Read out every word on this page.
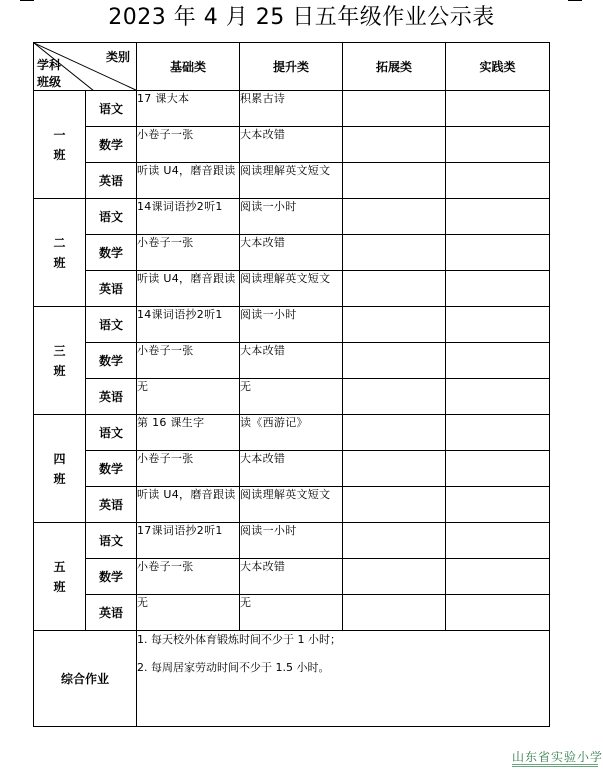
2023 年 4 月 25 日五年级作业公示表
类别
学科
班级		基础类	提升类	拓展类	实践类

一
班	语文	17 课大本	积累古诗		
	数学	小卷子一张	大本改错		
	英语	听读 U4，磨音跟读	阅读理解英文短文		

二
班	语文	14课词语抄2听1	阅读一小时		
	数学	小卷子一张	大本改错		
	英语	听读 U4，磨音跟读	阅读理解英文短文		

三
班	语文	14课词语抄2听1	阅读一小时		
	数学	小卷子一张	大本改错		
	英语	无	无		

四
班	语文	第 16 课生字	读《西游记》		
	数学	小卷子一张	大本改错		
	英语	听读 U4，磨音跟读	阅读理解英文短文		

五
班	语文	17课词语抄2听1	阅读一小时		
	数学	小卷子一张	大本改错		
	英语	无	无		
综合作业		1. 每天校外体育锻炼时间不少于 1 小时；
2. 每周居家劳动时间不少于 1.5 小时。			
山东省实验小学
